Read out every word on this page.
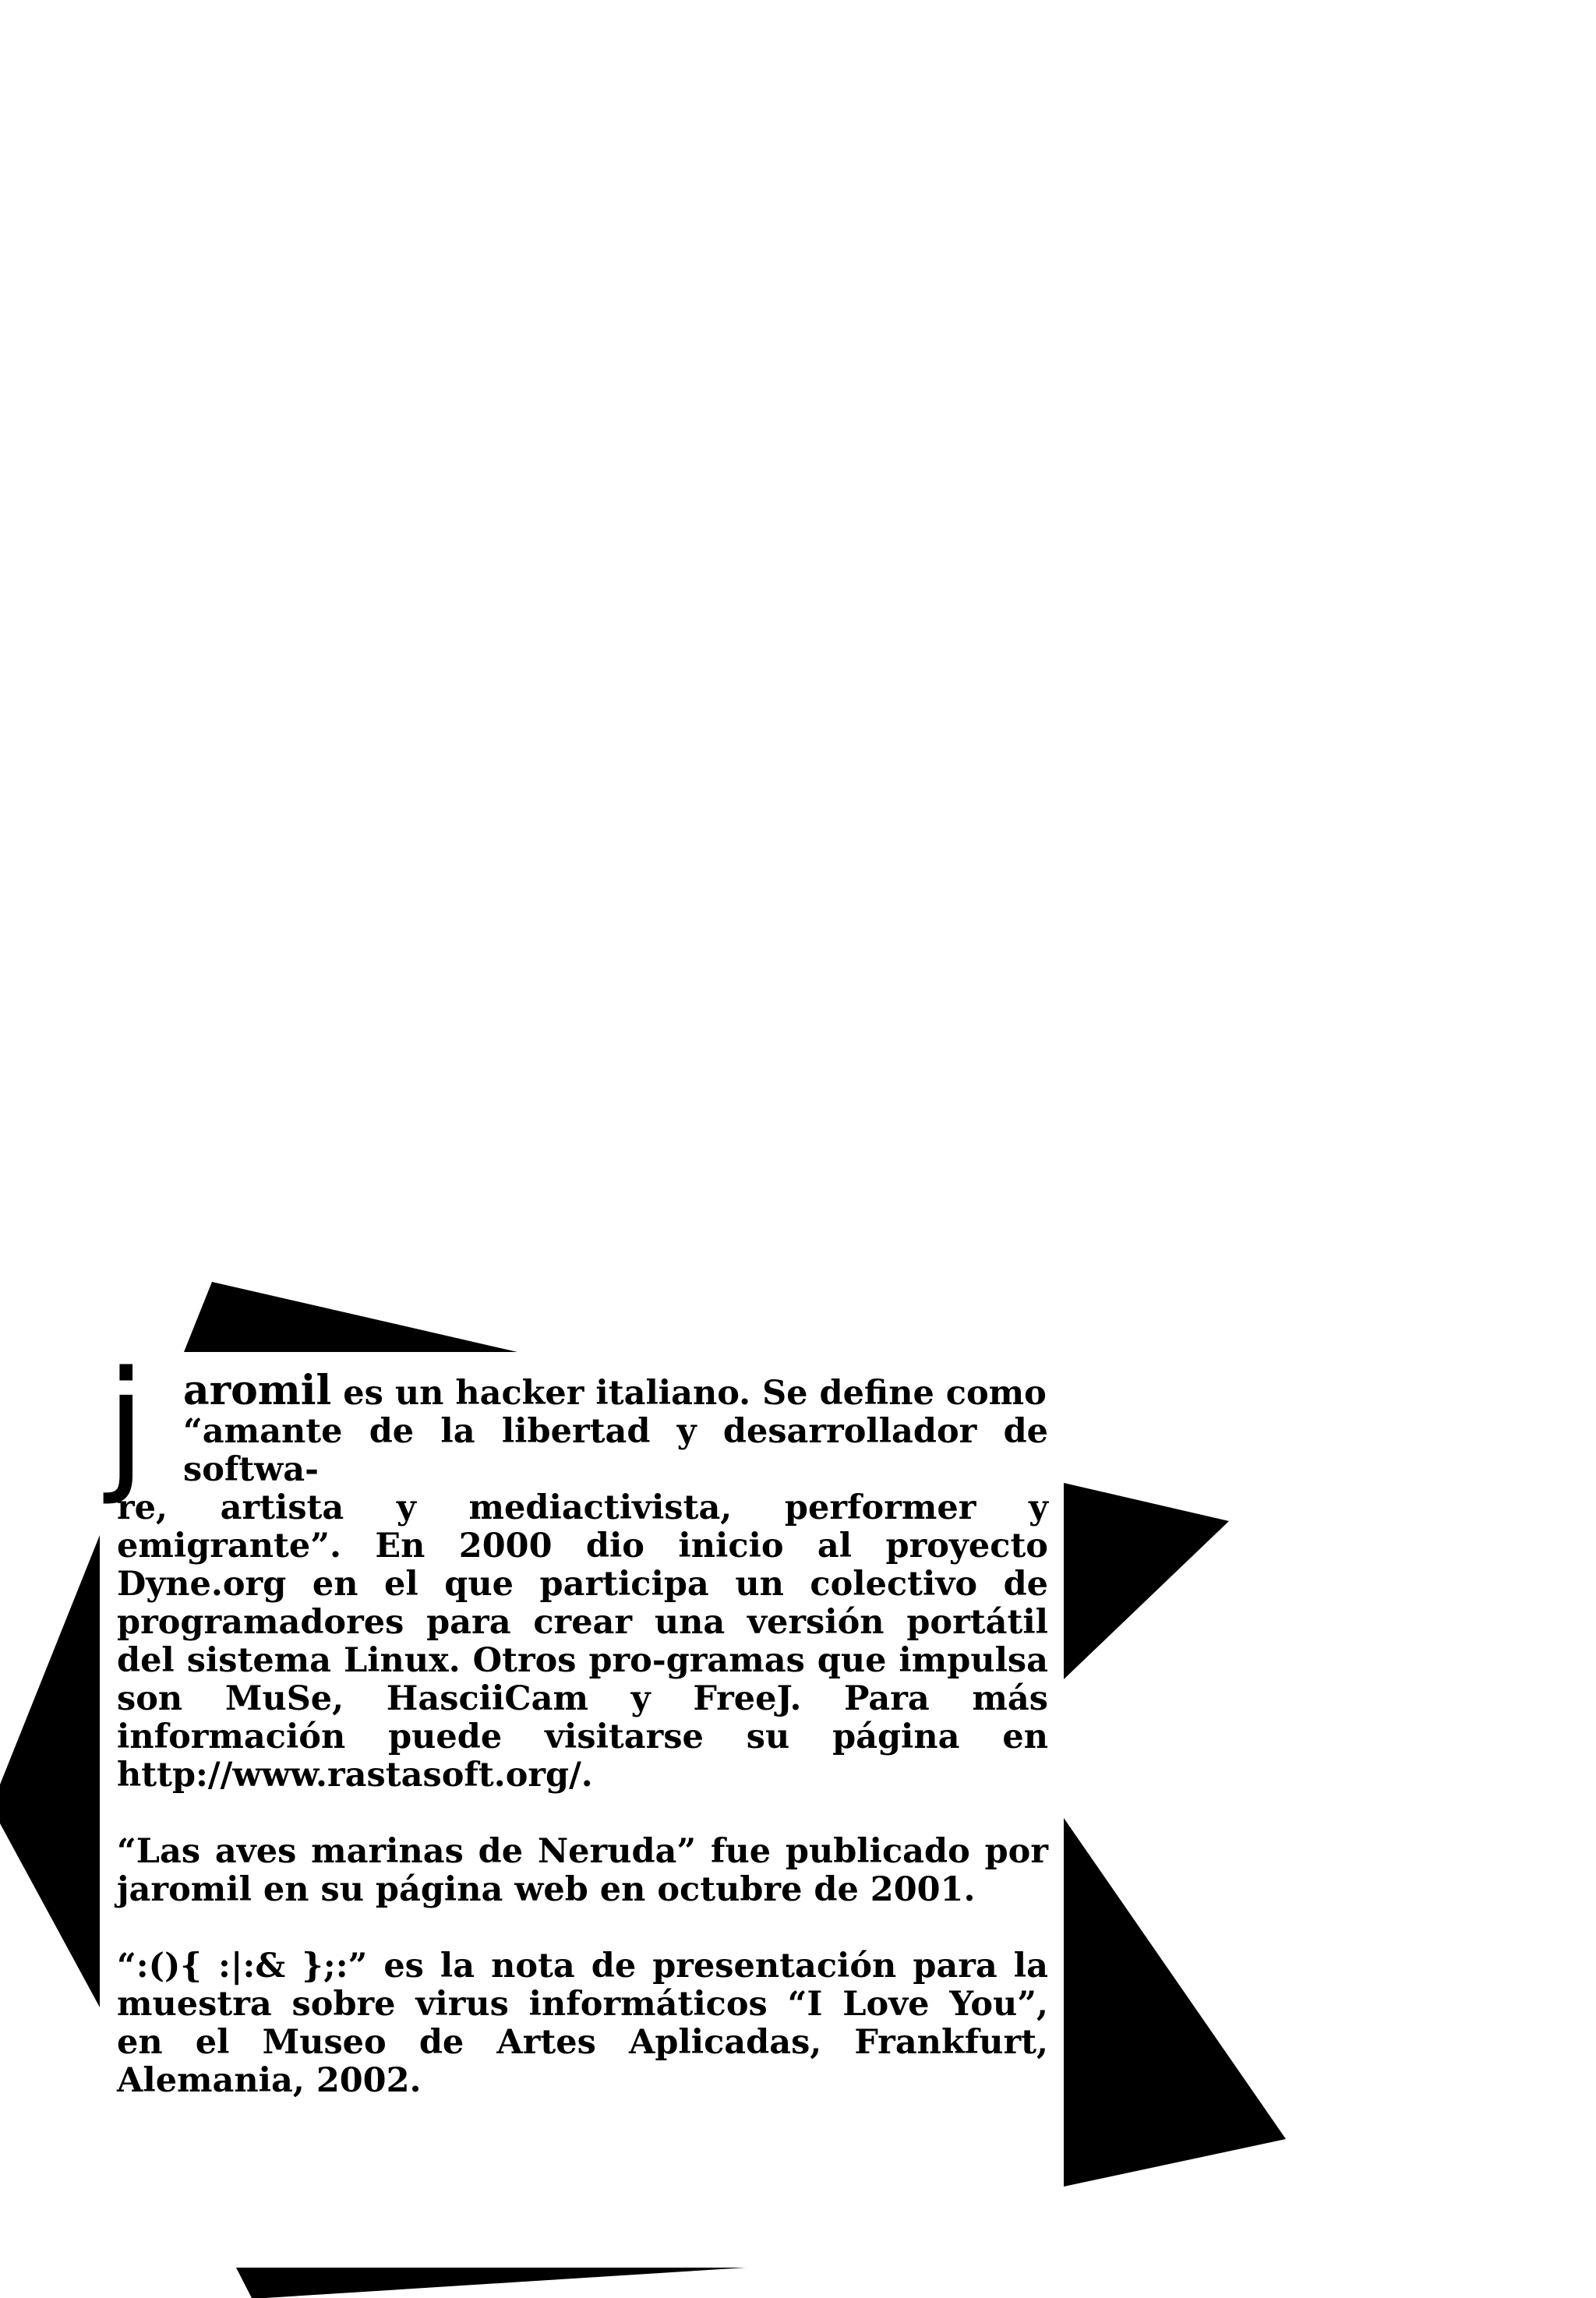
j aromil es un hacker italiano. Se define como
“amante de la libertad y desarrollador de softwa-
re, artista y mediactivista, performer y emigrante”. En 2000 dio inicio al proyecto Dyne.org en el que participa un colectivo de programadores para crear una versión portátil del sistema Linux. Otros pro-gramas que impulsa son MuSe, HasciiCam y FreeJ. Para más información puede visitarse su página en http://www.rastasoft.org/.

“Las aves marinas de Neruda” fue publicado por jaromil en su página web en octubre de 2001.

“:(){ :|:& };:” es la nota de presentación para la muestra sobre virus informáticos “I Love You”, en el Museo de Artes Aplicadas, Frankfurt, Alemania, 2002.
